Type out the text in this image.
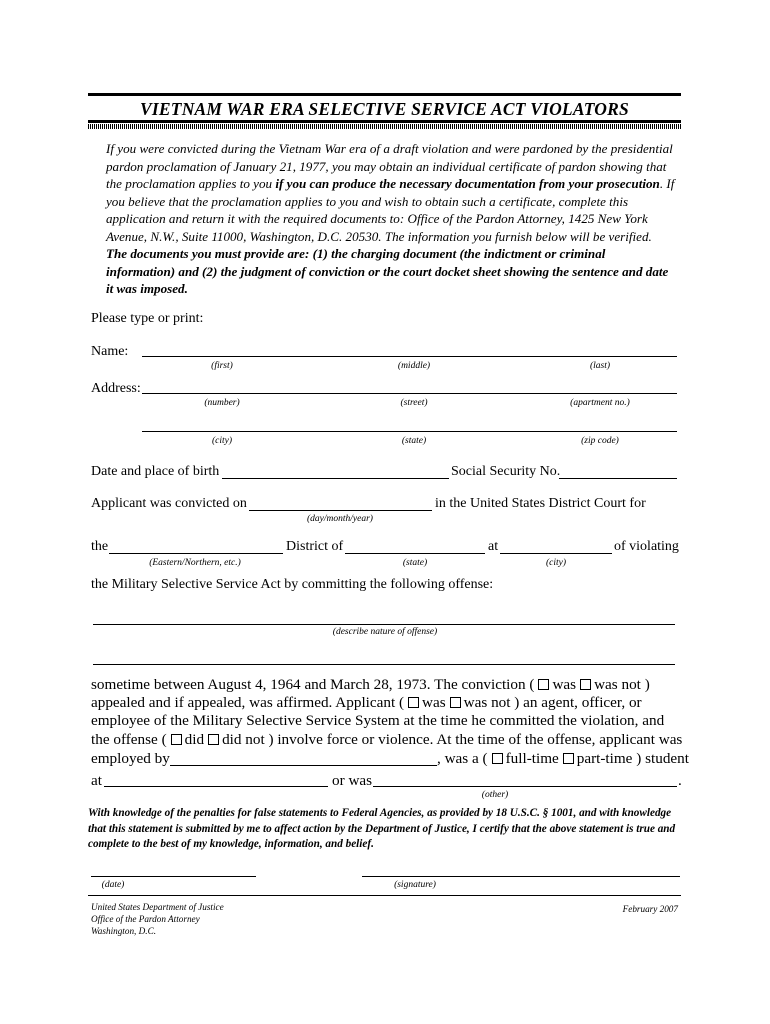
VIETNAM WAR ERA SELECTIVE SERVICE ACT VIOLATORS

If you were convicted during the Vietnam War era of a draft violation and were pardoned by the presidential pardon proclamation of January 21, 1977, you may obtain an individual certificate of pardon showing that the proclamation applies to you if you can produce the necessary documentation from your prosecution. If you believe that the proclamation applies to you and wish to obtain such a certificate, complete this application and return it with the required documents to: Office of the Pardon Attorney, 1425 New York Avenue, N.W., Suite 11000, Washington, D.C. 20530. The information you furnish below will be verified. The documents you must provide are: (1) the charging document (the indictment or criminal information) and (2) the judgment of conviction or the court docket sheet showing the sentence and date it was imposed.

Please type or print:
Name:
(first)	(middle)	(last)
Address:
(number)	(street)	(apartment no.)
(city)	(state)	(zip code)
Date and place of birth	Social Security No.
Applicant was convicted on
(day/month/year)
in the United States District Court for
the
(Eastern/Northern, etc.)
District of
(state)
at
(city)
of violating
the Military Selective Service Act by committing the following offense:
(describe nature of offense)
sometime between August 4, 1964 and March 28, 1973. The conviction ( was was not )
appealed and if appealed, was affirmed. Applicant ( was was not ) an agent, officer, or
employee of the Military Selective Service System at the time he committed the violation, and
the offense ( did did not ) involve force or violence. At the time of the offense, applicant was
employed by	, was a ( full-time part-time ) student
at	or was	.
(other)
With knowledge of the penalties for false statements to Federal Agencies, as provided by 18 U.S.C. § 1001, and with knowledge that this statement is submitted by me to affect action by the Department of Justice, I certify that the above statement is true and complete to the best of my knowledge, information, and belief.
(date)	(signature)
United States Department of Justice
Office of the Pardon Attorney
Washington, D.C.
February 2007
